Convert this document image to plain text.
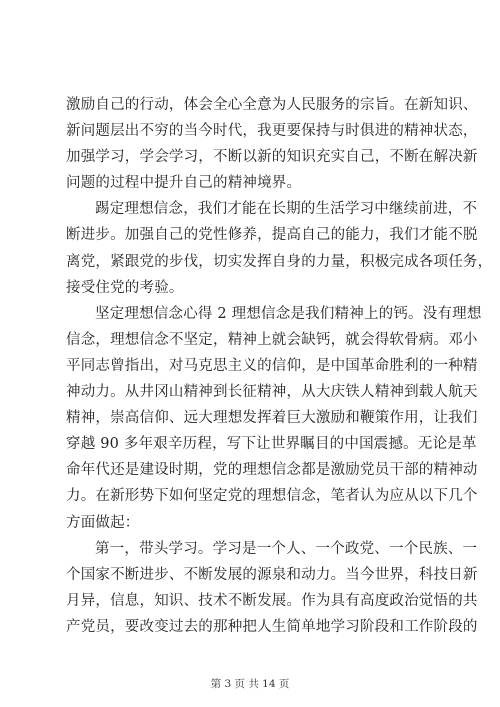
激励自己的行动，体会全心全意为人民服务的宗旨。在新知识、
新问题层出不穷的当今时代，我更要保持与时俱进的精神状态，
加强学习，学会学习，不断以新的知识充实自己，不断在解决新
问题的过程中提升自己的精神境界。
踢定理想信念，我们才能在长期的生活学习中继续前进，不
断进步。加强自己的党性修养，提高自己的能力，我们才能不脱
离党，紧跟党的步伐，切实发挥自身的力量，积极完成各项任务，
接受住党的考验。
坚定理想信念心得 2 理想信念是我们精神上的钙。没有理想
信念，理想信念不坚定，精神上就会缺钙，就会得软骨病。邓小
平同志曾指出，对马克思主义的信仰，是中国革命胜利的一种精
神动力。从井冈山精神到长征精神，从大庆铁人精神到载人航天
精神，崇高信仰、远大理想发挥着巨大激励和鞭策作用，让我们
穿越 90 多年艰辛历程，写下让世界瞩目的中国震撼。无论是革
命年代还是建设时期，党的理想信念都是激励党员干部的精神动
力。在新形势下如何坚定党的理想信念，笔者认为应从以下几个
方面做起：
第一，带头学习。学习是一个人、一个政党、一个民族、一
个国家不断进步、不断发展的源泉和动力。当今世界，科技日新
月异，信息，知识、技术不断发展。作为具有高度政治觉悟的共
产党员，要改变过去的那种把人生简单地学习阶段和工作阶段的
第 3 页 共 14 页
